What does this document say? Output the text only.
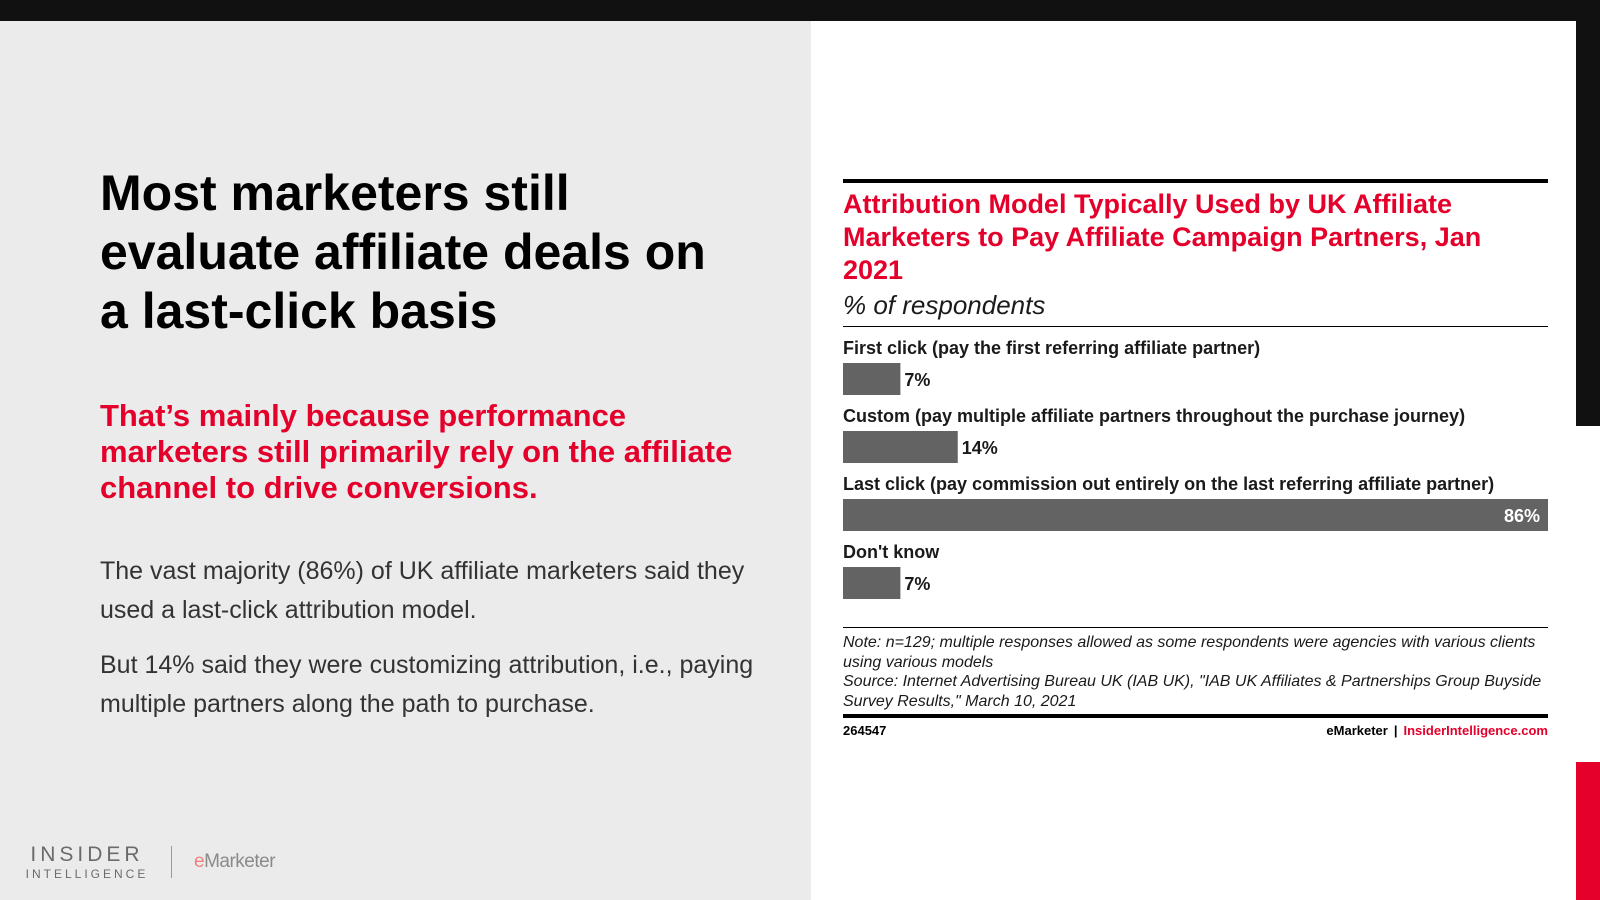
Most marketers still evaluate affiliate deals on a last-click basis

That’s mainly because performance marketers still primarily rely on the affiliate channel to drive conversions.

The vast majority (86%) of UK affiliate marketers said they used a last-click attribution model.

But 14% said they were customizing attribution, i.e., paying multiple partners along the path to purchase.

INSIDER
INTELLIGENCE
eMarketer
Attribution Model Typically Used by UK Affiliate Marketers to Pay Affiliate Campaign Partners, Jan 2021
% of respondents
First click (pay the first referring affiliate partner)
7%
Custom (pay multiple affiliate partners throughout the purchase journey)
14%
Last click (pay commission out entirely on the last referring affiliate partner)
86%
Don't know
7%
Note: n=129; multiple responses allowed as some respondents were agencies with various clients using various models
Source: Internet Advertising Bureau UK (IAB UK), "IAB UK Affiliates & Partnerships Group Buyside Survey Results," March 10, 2021
264547	eMarketer | InsiderIntelligence.com
